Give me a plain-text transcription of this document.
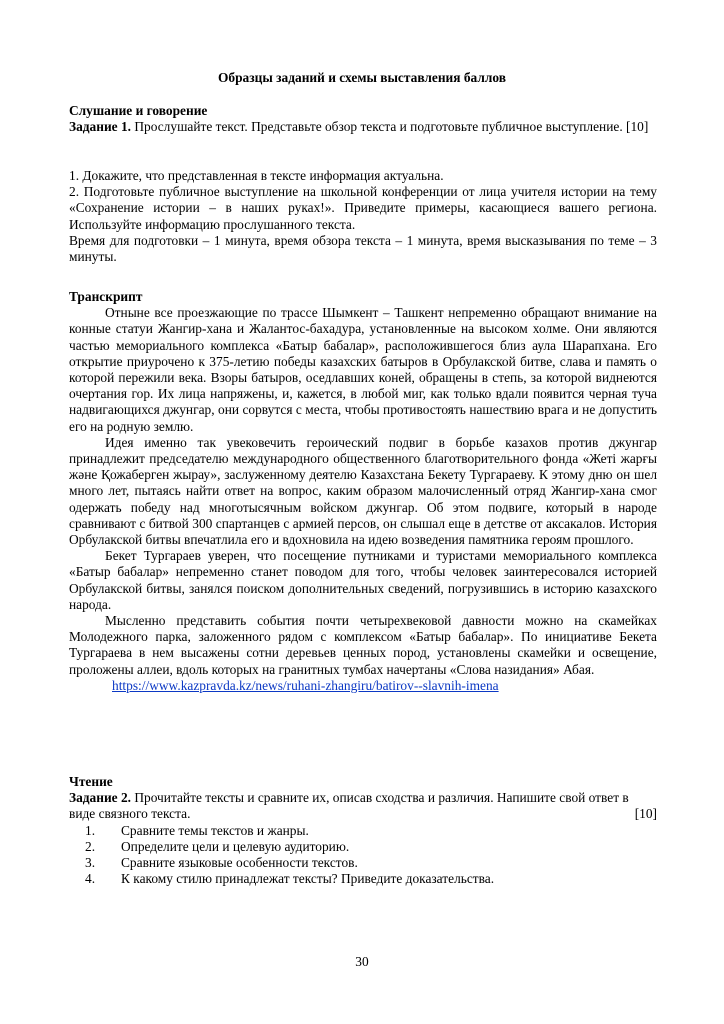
Образцы заданий и схемы выставления баллов

Слушание и говорение

Задание 1. Прослушайте текст. Представьте обзор текста и подготовьте публичное выступление. [10]

1. Докажите, что представленная в тексте информация актуальна.

2. Подготовьте публичное выступление на школьной конференции от лица учителя истории на тему «Сохранение истории – в наших руках!». Приведите примеры, касающиеся вашего региона. Используйте информацию прослушанного текста.

Время для подготовки – 1 минута, время обзора текста – 1 минута, время высказывания по теме – 3 минуты.

Транскрипт

Отныне все проезжающие по трассе Шымкент – Ташкент непременно обращают внимание на конные статуи Жангир-хана и Жалантос-бахадура, установленные на высоком холме. Они являются частью мемориального комплекса «Батыр бабалар», расположившегося близ аула Шарапхана. Его открытие приурочено к 375-летию победы казахских батыров в Орбулакской битве, слава и память о которой пережили века. Взоры батыров, оседлавших коней, обращены в степь, за которой виднеются очертания гор. Их лица напряжены, и, кажется, в любой миг, как только вдали появится черная туча надвигающихся джунгар, они сорвутся с места, чтобы противостоять нашествию врага и не допустить его на родную землю.

Идея именно так увековечить героический подвиг в борьбе казахов против джунгар принадлежит председателю международного общественного благотворительного фонда «Жеті жарғы және Қожаберген жырау», заслуженному деятелю Казахстана Бекету Тургараеву. К этому дню он шел много лет, пытаясь найти ответ на вопрос, каким образом малочисленный отряд Жангир-хана смог одержать победу над многотысячным войском джунгар. Об этом подвиге, который в народе сравнивают с битвой 300 спартанцев с армией персов, он слышал еще в детстве от аксакалов. История Орбулакской битвы впечатлила его и вдохновила на идею возведения памятника героям прошлого.

Бекет Тургараев уверен, что посещение путниками и туристами мемориального комплекса «Батыр бабалар» непременно станет поводом для того, чтобы человек заинтересовался историей Орбулакской битвы, занялся поиском дополнительных сведений, погрузившись в историю казахского народа.

Мысленно представить события почти четырехвековой давности можно на скамейках Молодежного парка, заложенного рядом с комплексом «Батыр бабалар». По инициативе Бекета Тургараева в нем высажены сотни деревьев ценных пород, установлены скамейки и освещение, проложены аллеи, вдоль которых на гранитных тумбах начертаны «Слова назидания» Абая.

https://www.kazpravda.kz/news/ruhani-zhangiru/batirov--slavnih-imena

Чтение

Задание 2. Прочитайте тексты и сравните их, описав сходства и различия. Напишите свой ответ в виде связного текста.	[10]
1.	Сравните темы текстов и жанры.
2.	Определите цели и целевую аудиторию.
3.	Сравните языковые особенности текстов.
4.	К какому стилю принадлежат тексты? Приведите доказательства.
30
